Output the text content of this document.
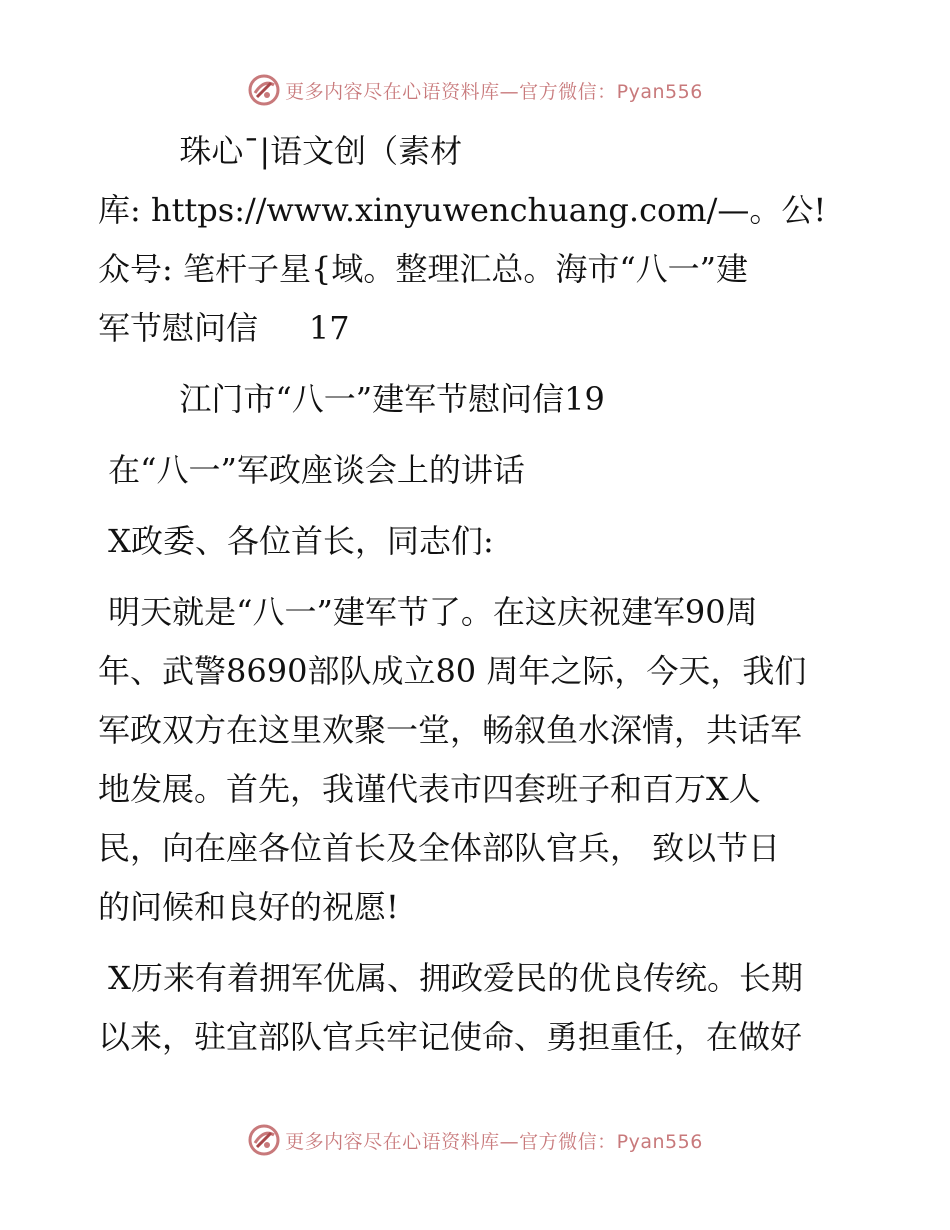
更多内容尽在心语资料库—官方微信：Pyan556

珠心¯|语文创（素材
库: https://www.xinyuwenchuang.com/—。公!
众号: 笔杆子星{域。整理汇总。海市“八一”建
军节慰问信     17

江门市“八一”建军节慰问信19

在“八一”军政座谈会上的讲话

X政委、各位首长，同志们:

明天就是“八一”建军节了。在这庆祝建军90周
年、武警8690部队成立80 周年之际，今天，我们
军政双方在这里欢聚一堂，畅叙鱼水深情，共话军
地发展。首先，我谨代表市四套班子和百万X人
民，向在座各位首长及全体部队官兵， 致以节日
的问候和良好的祝愿!

X历来有着拥军优属、拥政爱民的优良传统。长期
以来，驻宜部队官兵牢记使命、勇担重任，在做好

更多内容尽在心语资料库—官方微信：Pyan556
